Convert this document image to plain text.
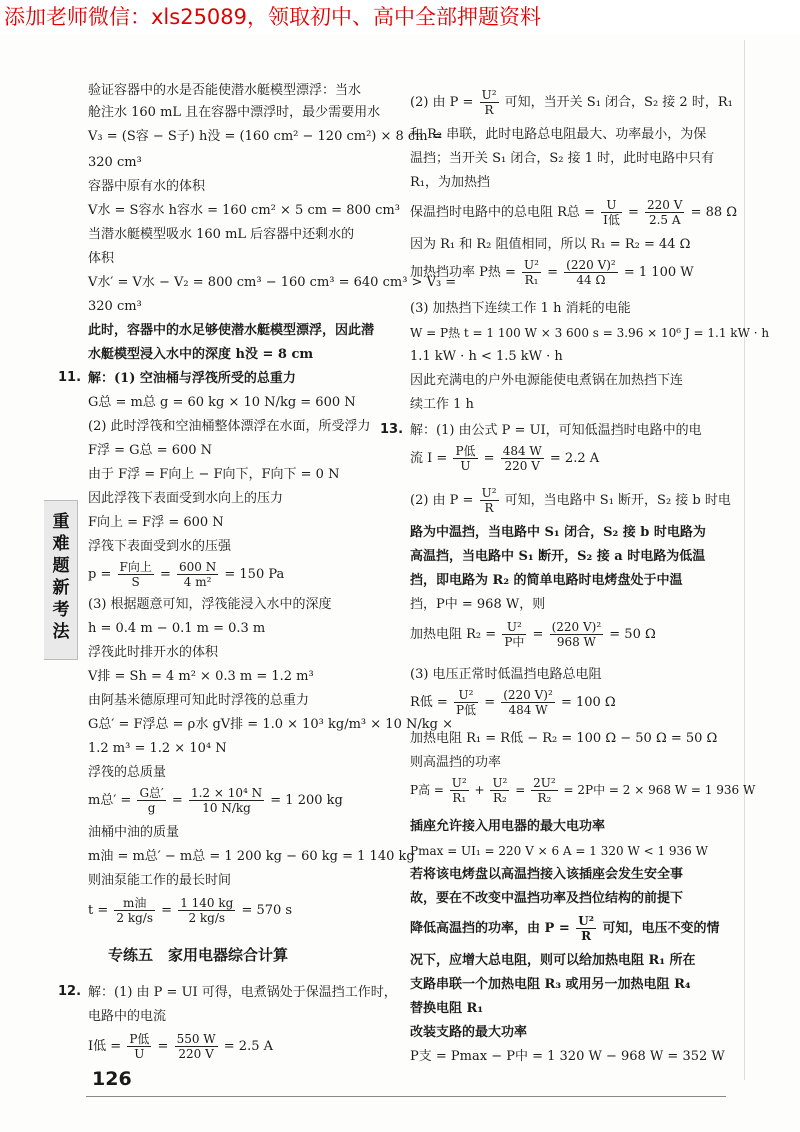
添加老师微信：xls25089，领取初中、高中全部押题资料
重难题新考法
验证容器中的水是否能使潜水艇模型漂浮：当水
舱注水 160 mL 且在容器中漂浮时，最少需要用水
V₃ = (S容 − S子) h没 = (160 cm² − 120 cm²) × 8 cm =
320 cm³
容器中原有水的体积
V水 = S容水 h容水 = 160 cm² × 5 cm = 800 cm³
当潜水艇模型吸水 160 mL 后容器中还剩水的
体积
V水′ = V水 − V₂ = 800 cm³ − 160 cm³ = 640 cm³ > V₃ =
320 cm³
此时，容器中的水足够使潜水艇模型漂浮，因此潜
水艇模型浸入水中的深度 h没 = 8 cm
11. 解：(1) 空油桶与浮筏所受的总重力
G总 = m总 g = 60 kg × 10 N/kg = 600 N
(2) 此时浮筏和空油桶整体漂浮在水面，所受浮力
F浮 = G总 = 600 N
由于 F浮 = F向上 − F向下，F向下 = 0 N
因此浮筏下表面受到水向上的压力
F向上 = F浮 = 600 N
浮筏下表面受到水的压强
$p = \frac{\text{F向上}}{S} = \frac{600 N}{\text{4 m²}} = 150$ Pa
(3) 根据题意可知，浮筏能浸入水中的深度
h = 0.4 m − 0.1 m = 0.3 m
浮筏此时排开水的体积
V排 = Sh = 4 m² × 0.3 m = 1.2 m³
由阿基米德原理可知此时浮筏的总重力
G总′ = F浮总 = ρ水 gV排 = 1.0 × 10³ kg/m³ × 10 N/kg ×
1.2 m³ = 1.2 × 10⁴ N
浮筏的总质量
m总′ = $\frac{\text{G总′}}{g} = \frac{\text{1.2 × 10⁴ N}}{10 N/kg} = 1$ 200 kg
油桶中油的质量
m油 = m总′ − m总 = 1 200 kg − 60 kg = 1 140 kg
则油泵能工作的最长时间
$t = \frac{\text{m油}}{2 kg/s} = \frac{1 140 kg}{2 kg/s} = 570$ s
专练五　家用电器综合计算
12. 解：(1) 由 P = UI 可得，电煮锅处于保温挡工作时，
电路中的电流
I低 = $\frac{\text{P低}}{U} = \frac{550 W}{220 V} = 2.5$ A
(2) 由 $P = \frac{\text{U²}}{R}$ 可知，当开关 S₁ 闭合，S₂ 接 2 时，R₁
和 R₂ 串联，此时电路总电阻最大、功率最小，为保
温挡；当开关 S₁ 闭合，S₂ 接 1 时，此时电路中只有
R₁，为加热挡
保温挡时电路中的总电阻 R总 = $\frac{U}{\text{I低}} = \frac{220 V}{2.5 A} = 88$ Ω
因为 R₁ 和 R₂ 阻值相同，所以 R₁ = R₂ = 44 Ω
加热挡功率 P热 = $\frac{\text{U²}}{\text{R₁}} = \frac{\text{(220 V)²}}{44 \Omega} = 1$ 100 W
(3) 加热挡下连续工作 1 h 消耗的电能
W = P热 t = 1 100 W × 3 600 s = 3.96 × 10⁶ J = 1.1 kW · h
1.1 kW · h < 1.5 kW · h
因此充满电的户外电源能使电煮锅在加热挡下连
续工作 1 h
13. 解：(1) 由公式 P = UI，可知低温挡时电路中的电
流 $I = \frac{\text{P低}}{U} = \frac{484 W}{220 V} = 2.2$ A
(2) 由 $P = \frac{\text{U²}}{R}$ 可知，当电路中 S₁ 断开，S₂ 接 b 时电
路为中温挡，当电路中 S₁ 闭合，S₂ 接 b 时电路为
高温挡，当电路中 S₁ 断开，S₂ 接 a 时电路为低温
挡，即电路为 R₂ 的简单电路时电烤盘处于中温
挡，P中 = 968 W，则
加热电阻 $R_2 = \frac{\text{U²}}{\text{P中}} = \frac{\text{(220 V)²}}{968 W} = 50$ Ω
(3) 电压正常时低温挡电路总电阻
R低 = $\frac{\text{U²}}{\text{P低}} = \frac{\text{(220 V)²}}{484 W} = 100$ Ω
加热电阻 R₁ = R低 − R₂ = 100 Ω − 50 Ω = 50 Ω
则高温挡的功率
P高 = $\frac{\text{U²}}{\text{R₁}} + \frac{\text{U²}}{\text{R₂}} = \frac{\text{2U²}}{\text{R₂}} = 2P$中 = 2 × 968 W = 1 936 W
插座允许接入用电器的最大电功率
Pmax = UI₁ = 220 V × 6 A = 1 320 W < 1 936 W
若将该电烤盘以高温挡接入该插座会发生安全事
故，要在不改变中温挡功率及挡位结构的前提下
降低高温挡的功率，由 $P = \frac{\text{U²}}{R}$ 可知，电压不变的情
况下，应增大总电阻，则可以给加热电阻 R₁ 所在
支路串联一个加热电阻 R₃ 或用另一加热电阻 R₄
替换电阻 R₁
改装支路的最大功率
P支 = Pmax − P中 = 1 320 W − 968 W = 352 W
126
